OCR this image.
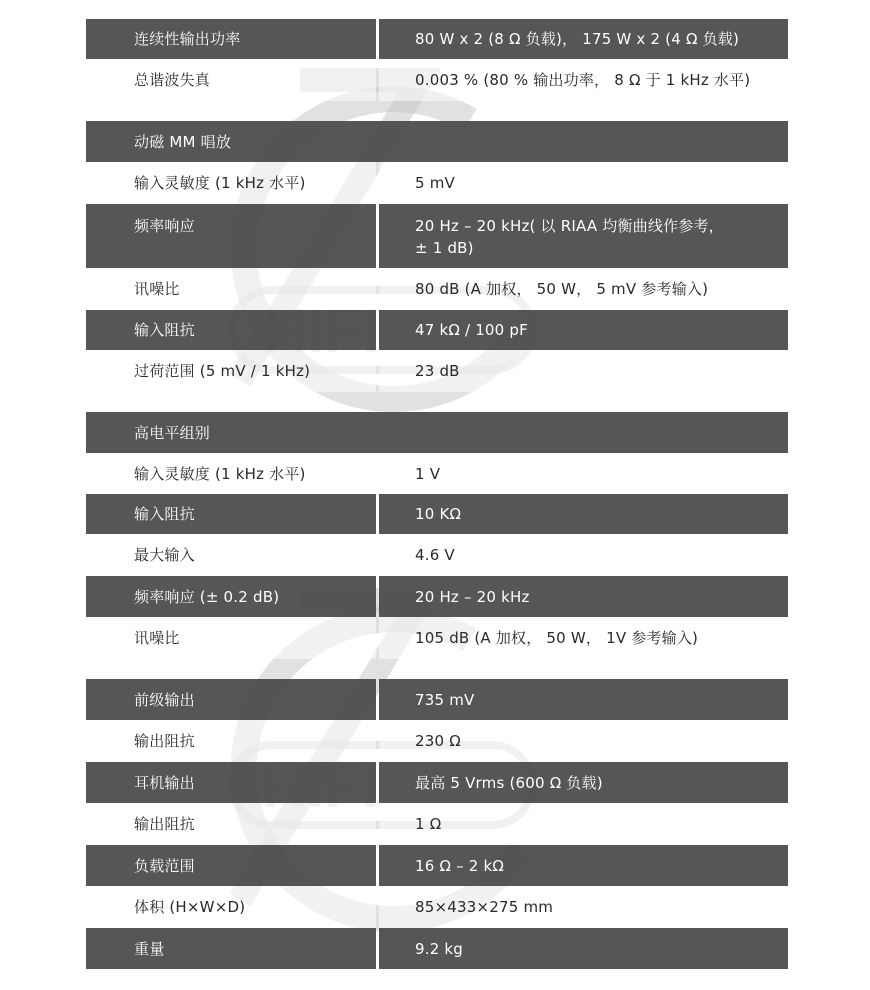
连续性输出功率	80 W x 2 (8 Ω 负载)， 175 W x 2 (4 Ω 负载)
总谐波失真	0.003 % (80 % 输出功率， 8 Ω 于 1 kHz 水平)
动磁 MM 唱放
输入灵敏度 (1 kHz 水平)	5 mV
频率响应	20 Hz – 20 kHz( 以 RIAA 均衡曲线作参考，
± 1 dB)
讯噪比	80 dB (A 加权， 50 W， 5 mV 参考输入)
输入阻抗	47 kΩ / 100 pF
过荷范围 (5 mV / 1 kHz)	23 dB
高电平组别
输入灵敏度 (1 kHz 水平)	1 V
输入阻抗	10 KΩ
最大输入	4.6 V
频率响应 (± 0.2 dB)	20 Hz – 20 kHz
讯噪比	105 dB (A 加权， 50 W， 1V 参考输入)
前级输出	735 mV
输出阻抗	230 Ω
耳机输出	最高 5 Vrms (600 Ω 负载)
输出阻抗	1 Ω
负载范围	16 Ω – 2 kΩ
体积 (H×W×D)	85×433×275 mm
重量	9.2 kg
